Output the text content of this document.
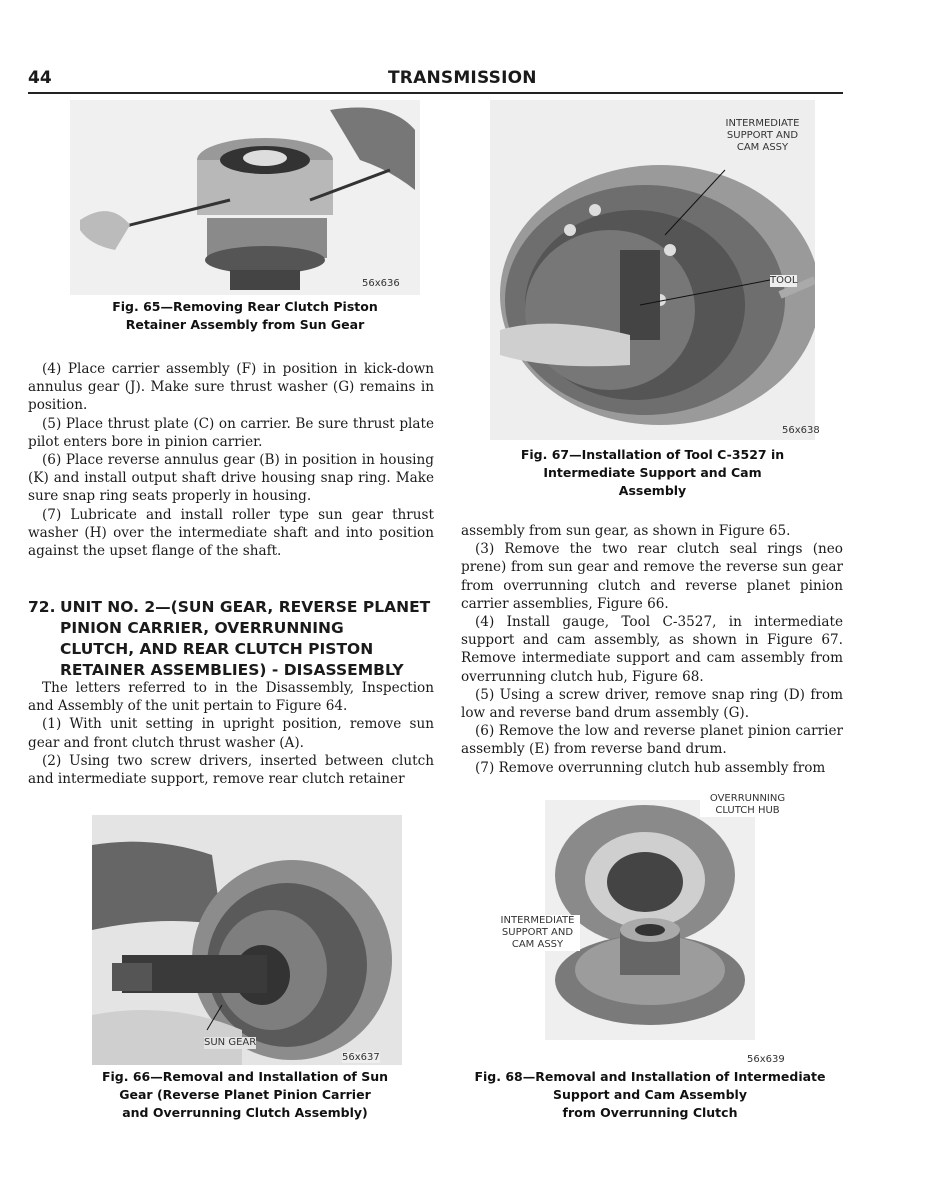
44	TRANSMISSION
56x636
Fig. 65—Removing Rear Clutch Piston
Retainer Assembly from Sun Gear
INTERMEDIATE
SUPPORT AND
CAM ASSY
TOOL
56x638
Fig. 67—Installation of Tool C-3527 in
Intermediate Support and Cam
Assembly

(4) Place carrier assembly (F) in position in kick-down annulus gear (J). Make sure thrust washer (G) remains in position.

(5) Place thrust plate (C) on carrier. Be sure thrust plate pilot enters bore in pinion carrier.

(6) Place reverse annulus gear (B) in position in housing (K) and install output shaft drive housing snap ring. Make sure snap ring seats properly in housing.

(7) Lubricate and install roller type sun gear thrust washer (H) over the intermediate shaft and into position against the upset flange of the shaft.

72. UNIT NO. 2—(SUN GEAR, REVERSE PLANET
PINION CARRIER, OVERRUNNING
CLUTCH, AND REAR CLUTCH PISTON
RETAINER ASSEMBLIES) - DISASSEMBLY

The letters referred to in the Disassembly, Inspection and Assembly of the unit pertain to Figure 64.

(1) With unit setting in upright position, remove sun gear and front clutch thrust washer (A).

(2) Using two screw drivers, inserted between clutch and intermediate support, remove rear clutch retainer

assembly from sun gear, as shown in Figure 65.

(3) Remove the two rear clutch seal rings (neo prene) from sun gear and remove the reverse sun gear from overrunning clutch and reverse planet pinion carrier assemblies, Figure 66.

(4) Install gauge, Tool C-3527, in intermediate support and cam assembly, as shown in Figure 67. Remove intermediate support and cam assembly from overrunning clutch hub, Figure 68.

(5) Using a screw driver, remove snap ring (D) from low and reverse band drum assembly (G).

(6) Remove the low and reverse planet pinion carrier assembly (E) from reverse band drum.

(7) Remove overrunning clutch hub assembly from

SUN GEAR
56x637
Fig. 66—Removal and Installation of Sun
Gear (Reverse Planet Pinion Carrier
and Overrunning Clutch Assembly)
OVERRUNNING
CLUTCH HUB
INTERMEDIATE
SUPPORT AND
CAM ASSY
56x639
Fig. 68—Removal and Installation of Intermediate
Support and Cam Assembly
from Overrunning Clutch
